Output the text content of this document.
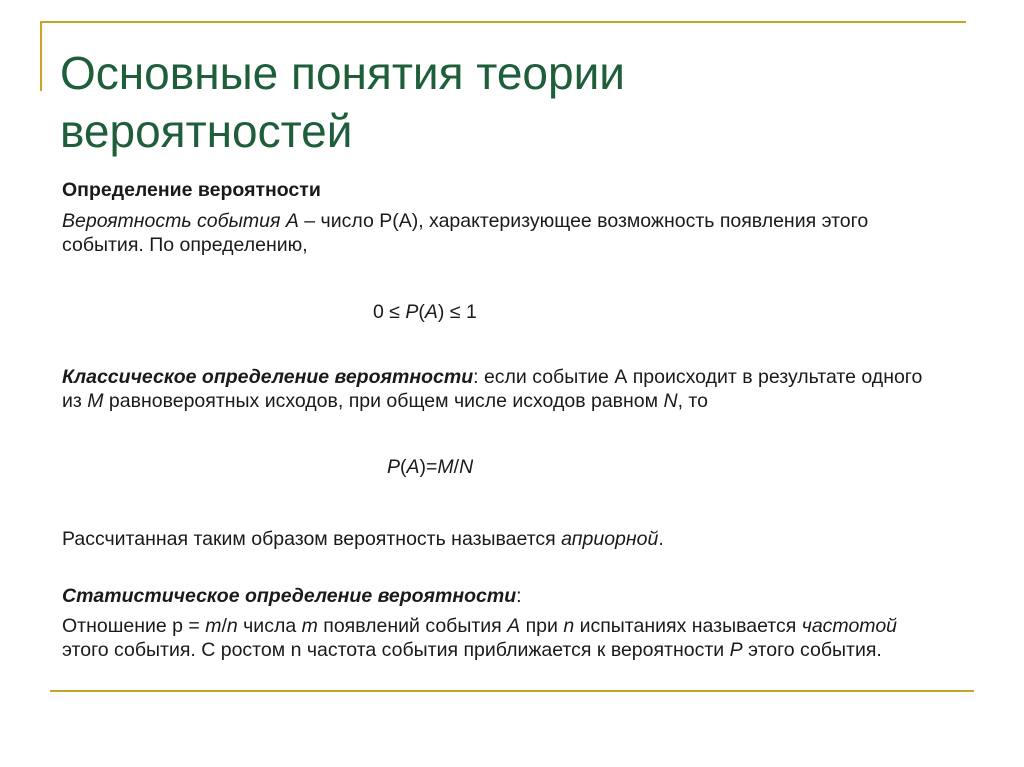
Основные понятия теории
вероятностей

Определение вероятности

Вероятность события А – число Р(А), характеризующее возможность появления этого события. По определению,

0 ≤ P(A) ≤ 1

Классическое определение вероятности: если событие А происходит в результате одного из М равновероятных исходов, при общем числе исходов равном N, то

P(A)=M/N

Рассчитанная таким образом вероятность называется априорной.

Статистическое определение вероятности:

Отношение р = m/n числа m появлений события А при n испытаниях называется частотой этого события. С ростом n частота события приближается к вероятности Р этого события.
